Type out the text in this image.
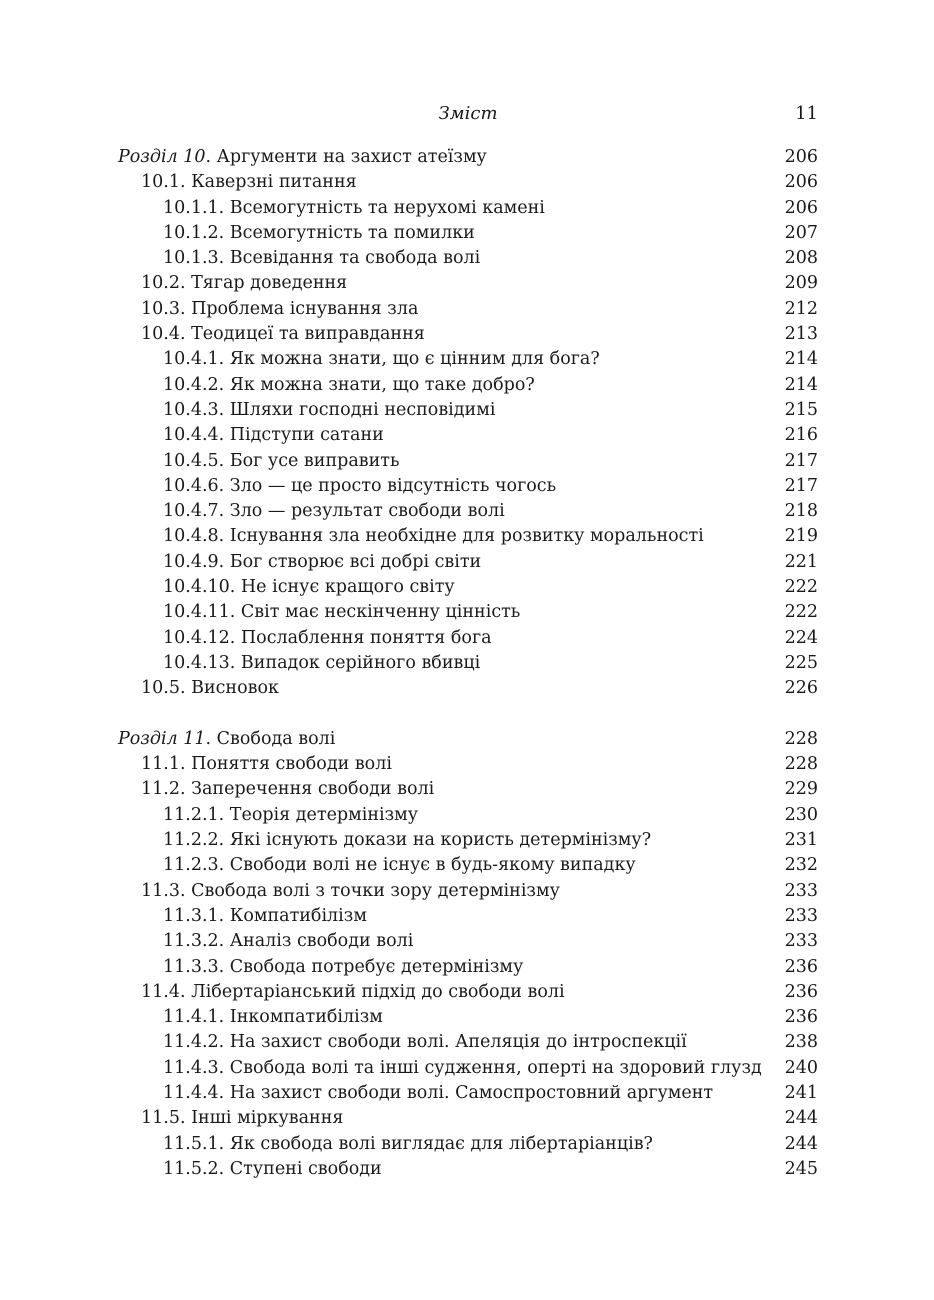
Зміст	11
Розділ 10. Аргументи на захист атеїзму	206
10.1. Каверзні питання	206
10.1.1. Всемогутність та нерухомі камені	206
10.1.2. Всемогутність та помилки	207
10.1.3. Всевідання та свобода волі	208
10.2. Тягар доведення	209
10.3. Проблема існування зла	212
10.4. Теодицеї та виправдання	213
10.4.1. Як можна знати, що є цінним для бога?	214
10.4.2. Як можна знати, що таке добро?	214
10.4.3. Шляхи господні несповідимі	215
10.4.4. Підступи сатани	216
10.4.5. Бог усе виправить	217
10.4.6. Зло — це просто відсутність чогось	217
10.4.7. Зло — результат свободи волі	218
10.4.8. Існування зла необхідне для розвитку моральності	219
10.4.9. Бог створює всі добрі світи	221
10.4.10. Не існує кращого світу	222
10.4.11. Світ має нескінченну цінність	222
10.4.12. Послаблення поняття бога	224
10.4.13. Випадок серійного вбивці	225
10.5. Висновок	226
Розділ 11. Свобода волі	228
11.1. Поняття свободи волі	228
11.2. Заперечення свободи волі	229
11.2.1. Теорія детермінізму	230
11.2.2. Які існують докази на користь детермінізму?	231
11.2.3. Свободи волі не існує в будь-якому випадку	232
11.3. Свобода волі з точки зору детермінізму	233
11.3.1. Компатибілізм	233
11.3.2. Аналіз свободи волі	233
11.3.3. Свобода потребує детермінізму	236
11.4. Лібертаріанський підхід до свободи волі	236
11.4.1. Інкомпатибілізм	236
11.4.2. На захист свободи волі. Апеляція до інтроспекції	238
11.4.3. Свобода волі та інші судження, оперті на здоровий глузд	240
11.4.4. На захист свободи волі. Самоспростовний аргумент	241
11.5. Інші міркування	244
11.5.1. Як свобода волі виглядає для лібертаріанців?	244
11.5.2. Ступені свободи	245
